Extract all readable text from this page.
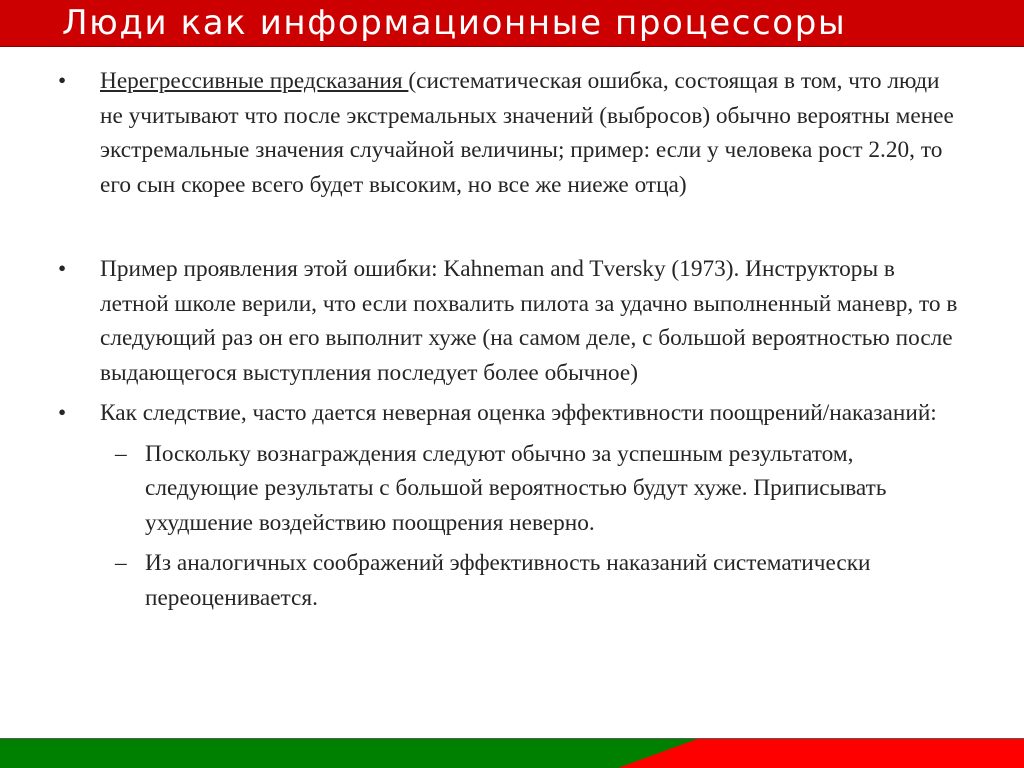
Люди как информационные процессоры
• Нерегрессивные предсказания (систематическая ошибка, состоящая в том, что люди не учитывают что после экстремальных значений (выбросов) обычно вероятны менее экстремальные значения случайной величины; пример: если у человека рост 2.20, то его сын скорее всего будет высоким, но все же ниеже отца)
• Пример проявления этой ошибки: Kahneman and Tversky (1973). Инструкторы в летной школе верили, что если похвалить пилота за удачно выполненный маневр, то в следующий раз он его выполнит хуже (на самом деле, с большой вероятностью после выдающегося выступления последует более обычное)
• Как следствие, часто дается неверная оценка эффективности поощрений/наказаний:
– Поскольку вознаграждения следуют обычно за успешным результатом, следующие результаты с большой вероятностью будут хуже. Приписывать ухудшение воздействию поощрения неверно.
– Из аналогичных соображений эффективность наказаний систематически переоценивается.
